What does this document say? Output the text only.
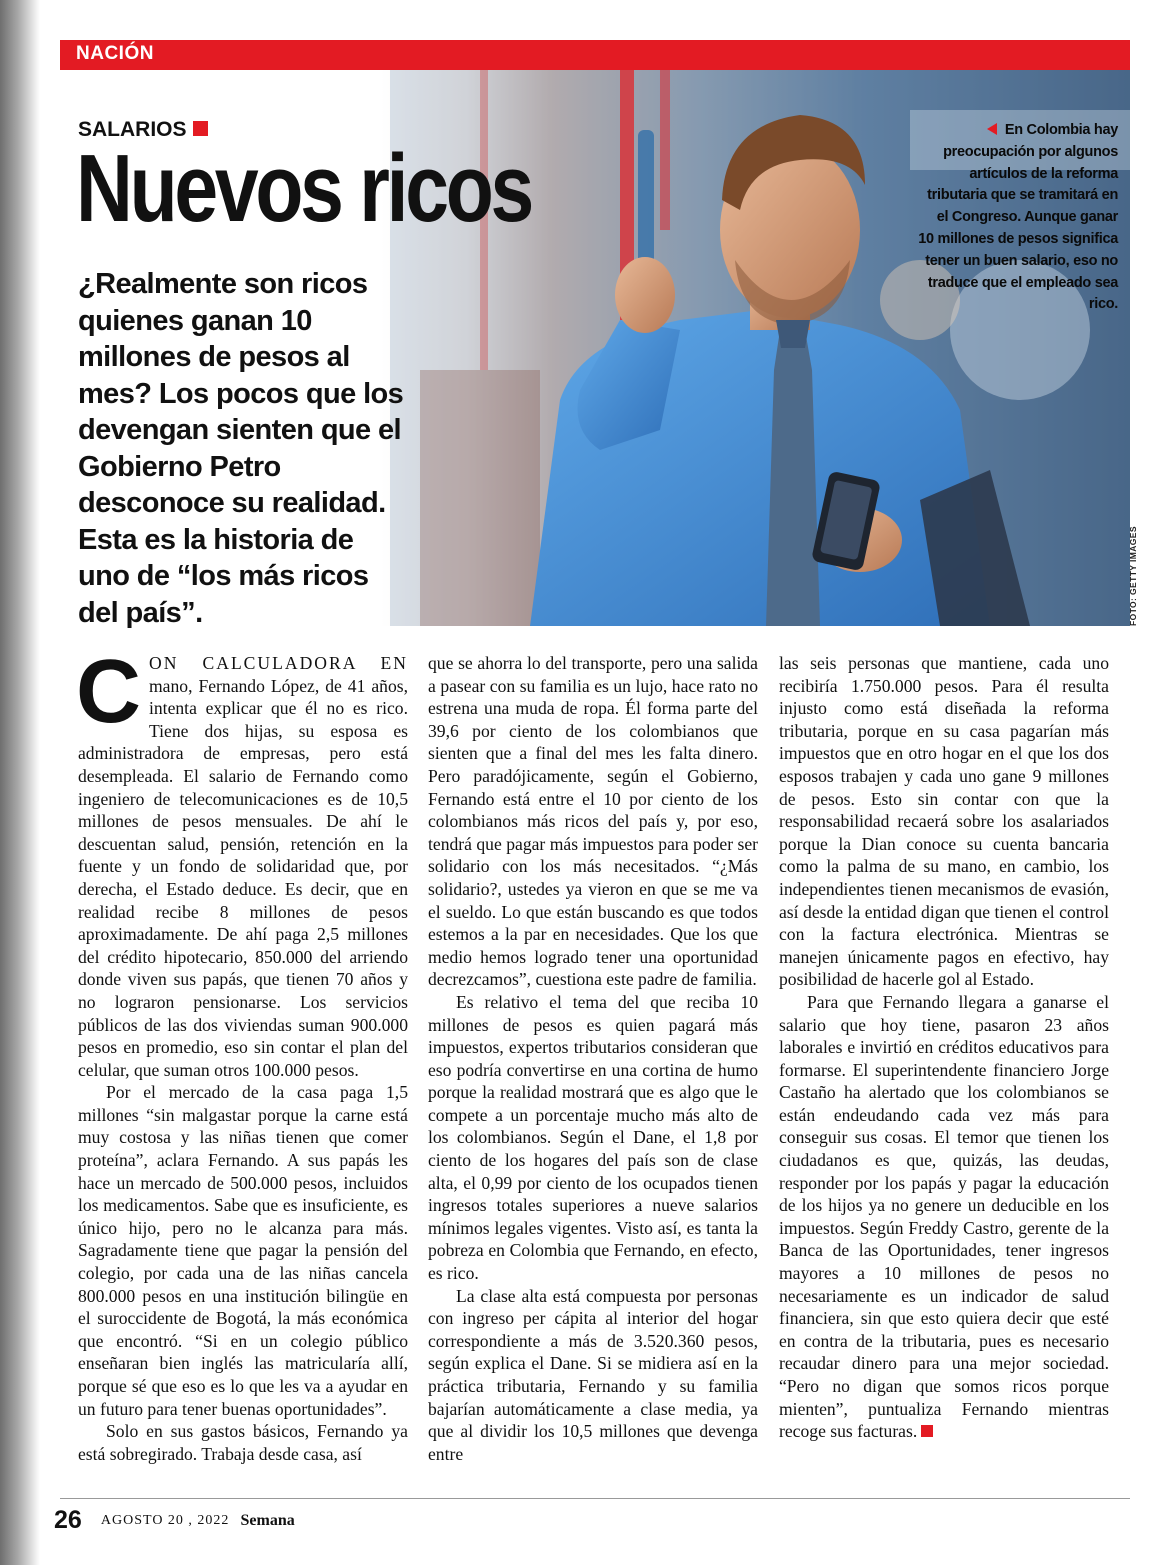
NACIÓN
SALARIOS
Nuevos ricos

¿Realmente son ricos quienes ganan 10 millones de pesos al mes? Los pocos que los devengan sienten que el Gobierno Petro desconoce su realidad. Esta es la historia de uno de “los más ricos del país”.

En Colombia hay preocupación por algunos artículos de la reforma tributaria que se tramitará en el Congreso. Aunque ganar 10 millones de pesos significa tener un buen salario, eso no traduce que el empleado sea rico.

FOTO: GETTY IMAGES

CON CALCULADORA EN mano, Fernando López, de 41 años, intenta explicar que él no es rico. Tiene dos hijas, su esposa es administradora de empresas, pero está desempleada. El salario de Fernando como ingeniero de telecomunicaciones es de 10,5 millones de pesos mensuales. De ahí le descuentan salud, pensión, retención en la fuente y un fondo de solidaridad que, por derecha, el Estado deduce. Es decir, que en realidad recibe 8 millones de pesos aproximadamente. De ahí paga 2,5 millones del crédito hipotecario, 850.000 del arriendo donde viven sus papás, que tienen 70 años y no lograron pensionarse. Los servicios públicos de las dos viviendas suman 900.000 pesos en promedio, eso sin contar el plan del celular, que suman otros 100.000 pesos.

Por el mercado de la casa paga 1,5 millones “sin malgastar porque la carne está muy costosa y las niñas tienen que comer proteína”, aclara Fernando. A sus papás les hace un mercado de 500.000 pesos, incluidos los medicamentos. Sabe que es insuficiente, es único hijo, pero no le alcanza para más. Sagradamente tiene que pagar la pensión del colegio, por cada una de las niñas cancela 800.000 pesos en una institución bilingüe en el suroccidente de Bogotá, la más económica que encontró. “Si en un colegio público enseñaran bien inglés las matricularía allí, porque sé que eso es lo que les va a ayudar en un futuro para tener buenas oportunidades”.

Solo en sus gastos básicos, Fernando ya está sobregirado. Trabaja desde casa, así

que se ahorra lo del transporte, pero una salida a pasear con su familia es un lujo, hace rato no estrena una muda de ropa. Él forma parte del 39,6 por ciento de los colombianos que sienten que a final del mes les falta dinero. Pero paradójicamente, según el Gobierno, Fernando está entre el 10 por ciento de los colombianos más ricos del país y, por eso, tendrá que pagar más impuestos para poder ser solidario con los más necesitados. “¿Más solidario?, ustedes ya vieron en que se me va el sueldo. Lo que están buscando es que todos estemos a la par en necesidades. Que los que medio hemos logrado tener una oportunidad decrezcamos”, cuestiona este padre de familia.

Es relativo el tema del que reciba 10 millones de pesos es quien pagará más impuestos, expertos tributarios consideran que eso podría convertirse en una cortina de humo porque la realidad mostrará que es algo que le compete a un porcentaje mucho más alto de los colombianos. Según el Dane, el 1,8 por ciento de los hogares del país son de clase alta, el 0,99 por ciento de los ocupados tienen ingresos totales superiores a nueve salarios mínimos legales vigentes. Visto así, es tanta la pobreza en Colombia que Fernando, en efecto, es rico.

La clase alta está compuesta por personas con ingreso per cápita al interior del hogar correspondiente a más de 3.520.360 pesos, según explica el Dane. Si se midiera así en la práctica tributaria, Fernando y su familia bajarían automáticamente a clase media, ya que al dividir los 10,5 millones que devenga entre

las seis personas que mantiene, cada uno recibiría 1.750.000 pesos. Para él resulta injusto como está diseñada la reforma tributaria, porque en su casa pagarían más impuestos que en otro hogar en el que los dos esposos trabajen y cada uno gane 9 millones de pesos. Esto sin contar con que la responsabilidad recaerá sobre los asalariados porque la Dian conoce su cuenta bancaria como la palma de su mano, en cambio, los independientes tienen mecanismos de evasión, así desde la entidad digan que tienen el control con la factura electrónica. Mientras se manejen únicamente pagos en efectivo, hay posibilidad de hacerle gol al Estado.

Para que Fernando llegara a ganarse el salario que hoy tiene, pasaron 23 años laborales e invirtió en créditos educativos para formarse. El superintendente financiero Jorge Castaño ha alertado que los colombianos se están endeudando cada vez más para conseguir sus cosas. El temor que tienen los ciudadanos es que, quizás, las deudas, responder por los papás y pagar la educación de los hijos ya no genere un deducible en los impuestos. Según Freddy Castro, gerente de la Banca de las Oportunidades, tener ingresos mayores a 10 millones de pesos no necesariamente es un indicador de salud financiera, sin que esto quiera decir que esté en contra de la tributaria, pues es necesario recaudar dinero para una mejor sociedad. “Pero no digan que somos ricos porque mienten”, puntualiza Fernando mientras recoge sus facturas.

26 AGOSTO 20 , 2022 Semana
